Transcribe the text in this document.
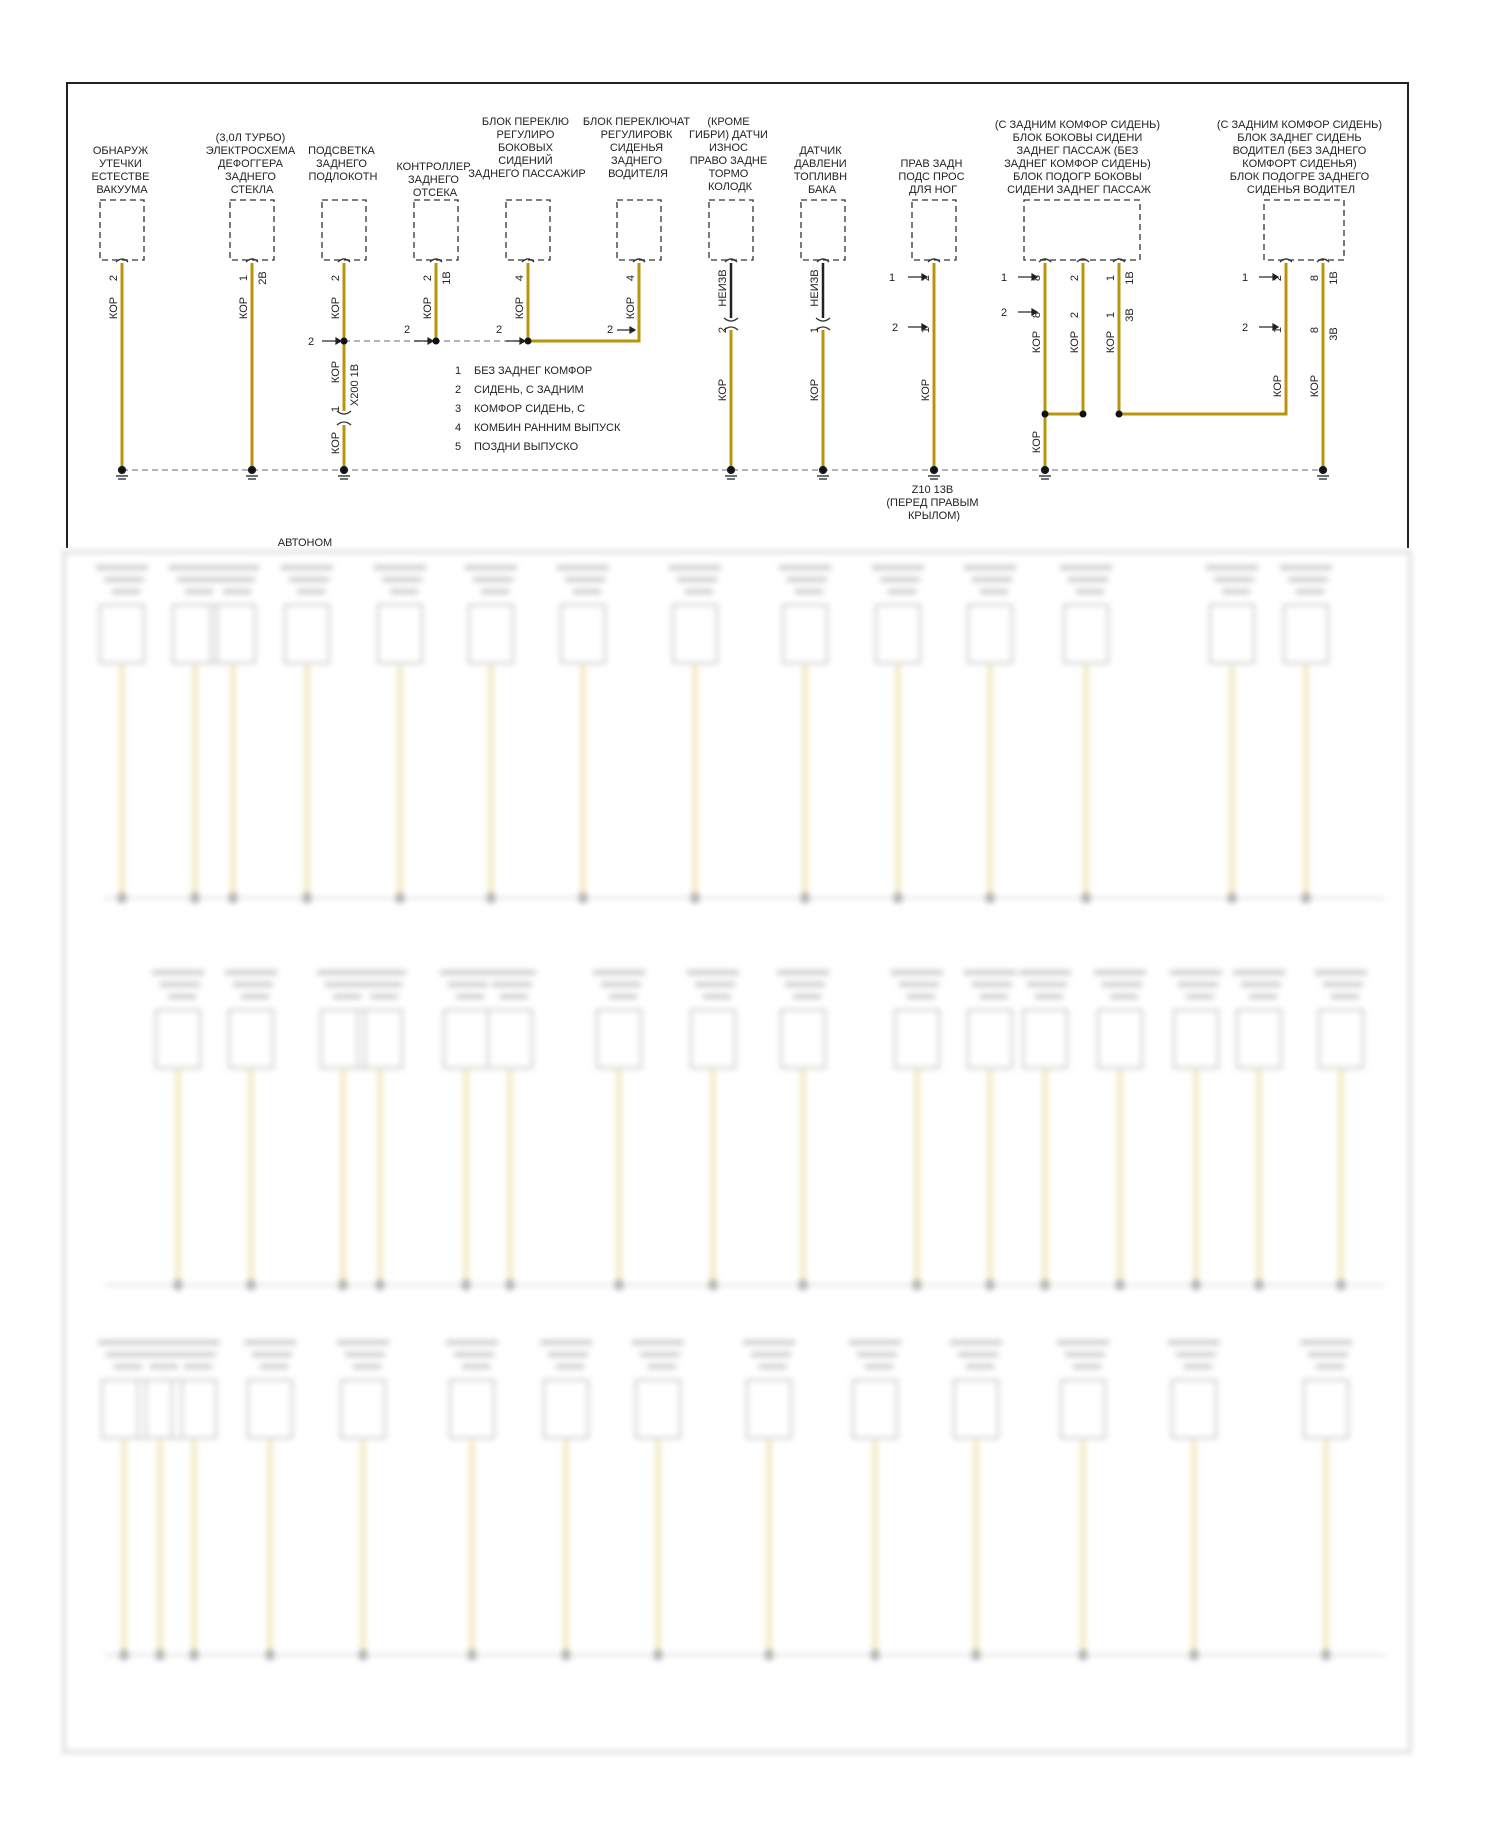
ОБНАРУЖ УТЕЧКИ ЕСТЕСТВЕ ВАКУУМА
(3,0Л ТУРБО) ЭЛЕКТРОСХЕМА ДЕФОГГЕРА ЗАДНЕГО СТЕКЛА
ПОДСВЕТКА ЗАДНЕГО ПОДЛОКОТН
КОНТРОЛЛЕР ЗАДНЕГО ОТСЕКА
БЛОК ПЕРЕКЛЮ РЕГУЛИРО БОКОВЫХ СИДЕНИЙ ЗАДНЕГО ПАССАЖИР
БЛОК ПЕРЕКЛЮЧАТ РЕГУЛИРОВК СИДЕНЬЯ ЗАДНЕГО ВОДИТЕЛЯ
(КРОМЕ ГИБРИ) ДАТЧИ ИЗНОС ПРАВО ЗАДНЕ ТОРМО КОЛОДК
ДАТЧИК ДАВЛЕНИ ТОПЛИВН БАКА
ПРАВ ЗАДН ПОДС ПРОС ДЛЯ НОГ
(С ЗАДНИМ КОМФОР СИДЕНЬ) БЛОК БОКОВЫ СИДЕНИ ЗАДНЕГ ПАССАЖ (БЕЗ ЗАДНЕГ КОМФОР СИДЕНЬ) БЛОК ПОДОГР БОКОВЫ СИДЕНИ ЗАДНЕГ ПАССАЖ
(С ЗАДНИМ КОМФОР СИДЕНЬ) БЛОК ЗАДНЕГ СИДЕНЬ ВОДИТЕЛ (БЕЗ ЗАДНЕГО КОМФОРТ СИДЕНЬЯ) БЛОК ПОДОГРЕ ЗАДНЕГО СИДЕНЬЯ ВОДИТЕЛ
2
2	2	2
1
2
1
2
1
2
2	1 2В	2	2 1В	4	4
2	1
2
1
8
8
2
2
1
1
1В
3В
2
1
8
8
1В
3В
КОР	КОР	КОР
КОР
КОР
КОР	КОР	КОР
НЕИЗВ
КОР
НЕИЗВ
КОР	КОР
КОР
КОР
КОР КОР
КОР КОР
X200 1В
1
1 БЕЗ ЗАДНЕГ КОМФОР
2 СИДЕНЬ, С ЗАДНИМ
3 КОМФОР СИДЕНЬ, С
4 КОМБИН РАННИМ ВЫПУСК
5 ПОЗДНИ ВЫПУСКО
Z10 13В (ПЕРЕД ПРАВЫМ КРЫЛОМ)
АВТОНОМ
